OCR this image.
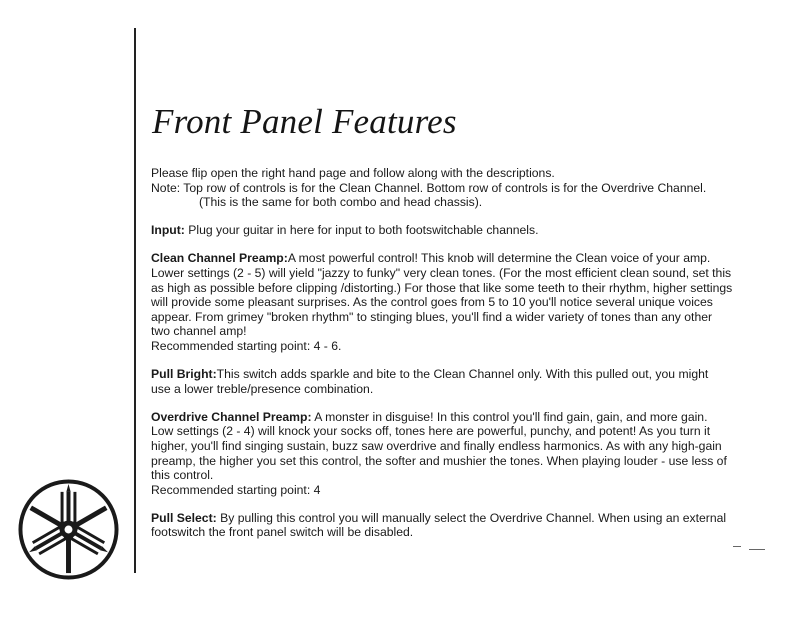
Front Panel Features

Please flip open the right hand page and follow along with the descriptions.

Note: Top row of controls is for the Clean Channel. Bottom row of controls is for the Overdrive Channel.

(This is the same for both combo and head chassis).

Input: Plug your guitar in here for input to both footswitchable channels.

Clean Channel Preamp:A most powerful control! This knob will determine the Clean voice of your amp.

Lower settings (2 - 5) will yield "jazzy to funky" very clean tones. (For the most efficient clean sound, set this

as high as possible before clipping /distorting.) For those that like some teeth to their rhythm, higher settings

will provide some pleasant surprises. As the control goes from 5 to 10 you'll notice several unique voices

appear. From grimey "broken rhythm" to stinging blues, you'll find a wider variety of tones than any other

two channel amp!

Recommended starting point: 4 - 6.

Pull Bright:This switch adds sparkle and bite to the Clean Channel only. With this pulled out, you might

use a lower treble/presence combination.

Overdrive Channel Preamp: A monster in disguise! In this control you'll find gain, gain, and more gain.

Low settings (2 - 4) will knock your socks off, tones here are powerful, punchy, and potent! As you turn it

higher, you'll find singing sustain, buzz saw overdrive and finally endless harmonics. As with any high-gain

preamp, the higher you set this control, the softer and mushier the tones. When playing louder - use less of

this control.

Recommended starting point: 4

Pull Select: By pulling this control you will manually select the Overdrive Channel. When using an external

footswitch the front panel switch will be disabled.
